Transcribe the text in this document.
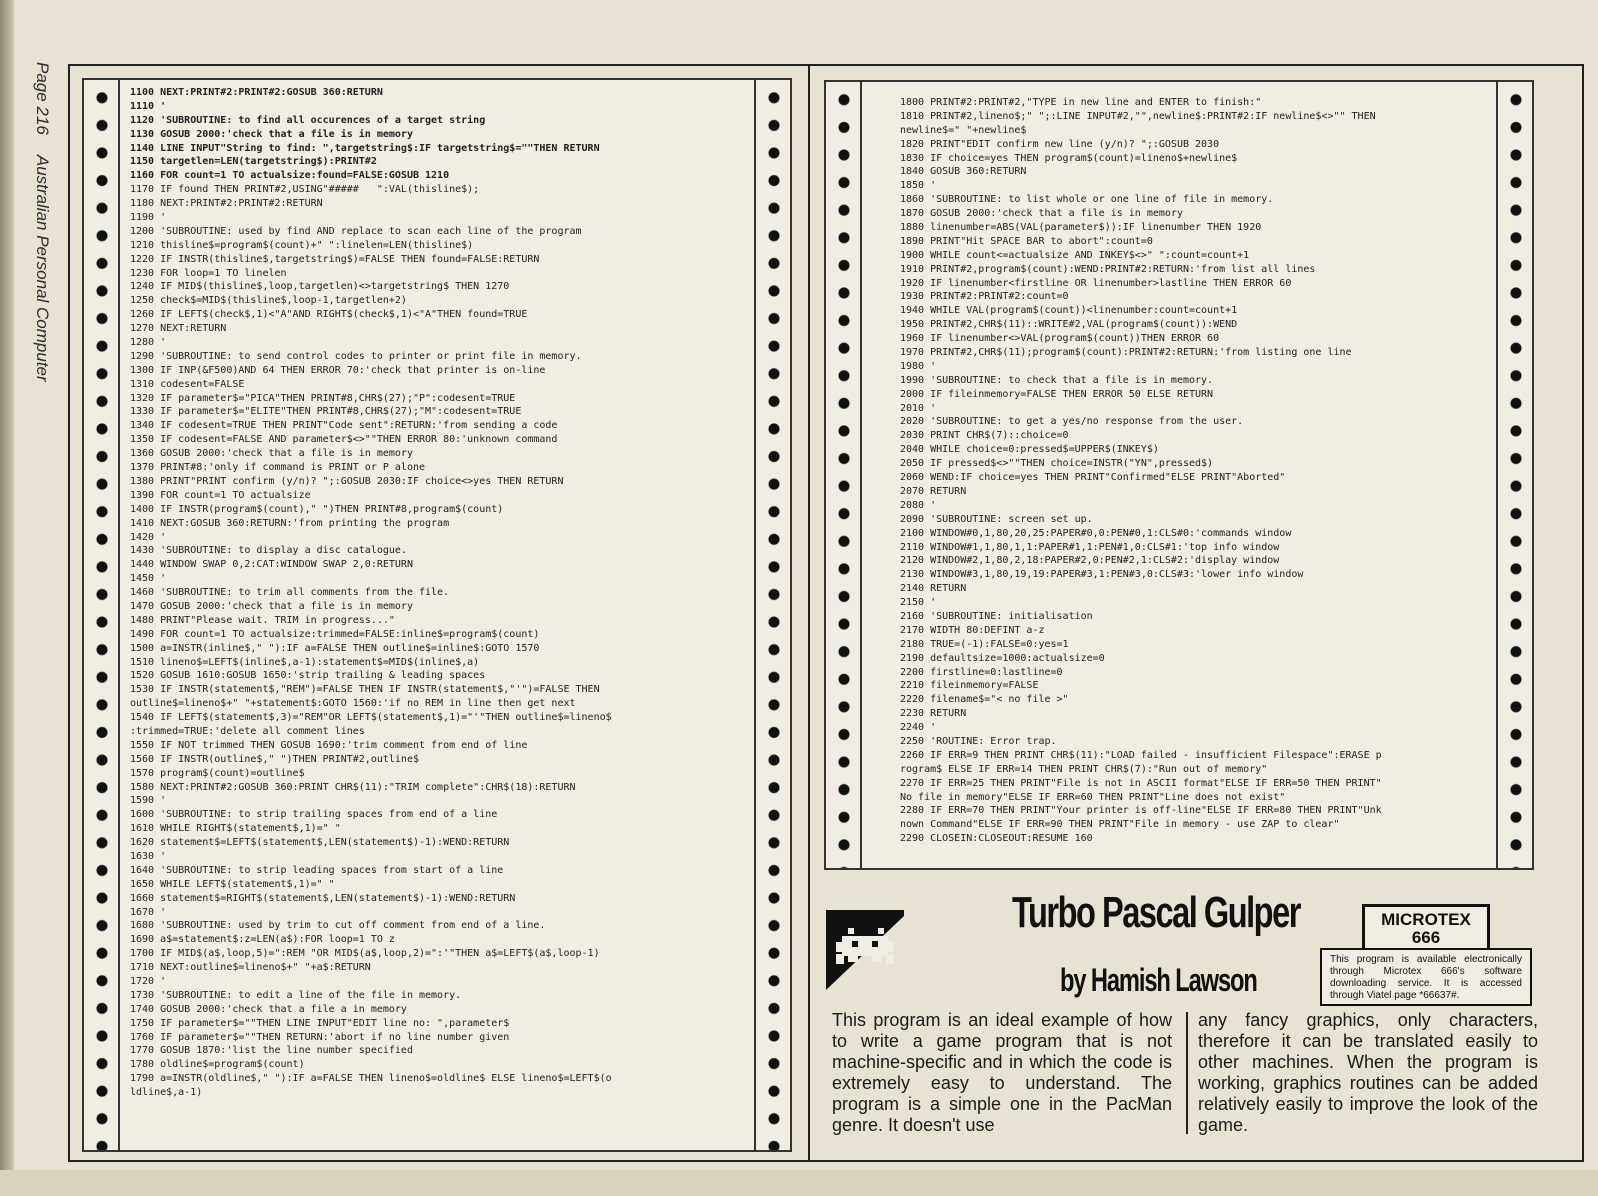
Page 216 Australian Personal Computer
1100 NEXT:PRINT#2:PRINT#2:GOSUB 360:RETURN
1110 '
1120 'SUBROUTINE: to find all occurences of a target string
1130 GOSUB 2000:'check that a file is in memory
1140 LINE INPUT"String to find: ",targetstring$:IF targetstring$=""THEN RETURN
1150 targetlen=LEN(targetstring$):PRINT#2
1160 FOR count=1 TO actualsize:found=FALSE:GOSUB 1210
1170 IF found THEN PRINT#2,USING"#####   ":VAL(thisline$);
1180 NEXT:PRINT#2:PRINT#2:RETURN
1190 '
1200 'SUBROUTINE: used by find AND replace to scan each line of the program
1210 thisline$=program$(count)+" ":linelen=LEN(thisline$)
1220 IF INSTR(thisline$,targetstring$)=FALSE THEN found=FALSE:RETURN
1230 FOR loop=1 TO linelen
1240 IF MID$(thisline$,loop,targetlen)<>targetstring$ THEN 1270
1250 check$=MID$(thisline$,loop-1,targetlen+2)
1260 IF LEFT$(check$,1)<"A"AND RIGHT$(check$,1)<"A"THEN found=TRUE
1270 NEXT:RETURN
1280 '
1290 'SUBROUTINE: to send control codes to printer or print file in memory.
1300 IF INP(&F500)AND 64 THEN ERROR 70:'check that printer is on-line
1310 codesent=FALSE
1320 IF parameter$="PICA"THEN PRINT#8,CHR$(27);"P":codesent=TRUE
1330 IF parameter$="ELITE"THEN PRINT#8,CHR$(27);"M":codesent=TRUE
1340 IF codesent=TRUE THEN PRINT"Code sent":RETURN:'from sending a code
1350 IF codesent=FALSE AND parameter$<>""THEN ERROR 80:'unknown command
1360 GOSUB 2000:'check that a file is in memory
1370 PRINT#8:'only if command is PRINT or P alone
1380 PRINT"PRINT confirm (y/n)? ";:GOSUB 2030:IF choice<>yes THEN RETURN
1390 FOR count=1 TO actualsize
1400 IF INSTR(program$(count)," ")THEN PRINT#8,program$(count)
1410 NEXT:GOSUB 360:RETURN:'from printing the program
1420 '
1430 'SUBROUTINE: to display a disc catalogue.
1440 WINDOW SWAP 0,2:CAT:WINDOW SWAP 2,0:RETURN
1450 '
1460 'SUBROUTINE: to trim all comments from the file.
1470 GOSUB 2000:'check that a file is in memory
1480 PRINT"Please wait. TRIM in progress..."
1490 FOR count=1 TO actualsize:trimmed=FALSE:inline$=program$(count)
1500 a=INSTR(inline$," "):IF a=FALSE THEN outline$=inline$:GOTO 1570
1510 lineno$=LEFT$(inline$,a-1):statement$=MID$(inline$,a)
1520 GOSUB 1610:GOSUB 1650:'strip trailing & leading spaces
1530 IF INSTR(statement$,"REM")=FALSE THEN IF INSTR(statement$,"'")=FALSE THEN
outline$=lineno$+" "+statement$:GOTO 1560:'if no REM in line then get next
1540 IF LEFT$(statement$,3)="REM"OR LEFT$(statement$,1)="'"THEN outline$=lineno$
:trimmed=TRUE:'delete all comment lines
1550 IF NOT trimmed THEN GOSUB 1690:'trim comment from end of line
1560 IF INSTR(outline$," ")THEN PRINT#2,outline$
1570 program$(count)=outline$
1580 NEXT:PRINT#2:GOSUB 360:PRINT CHR$(11):"TRIM complete":CHR$(18):RETURN
1590 '
1600 'SUBROUTINE: to strip trailing spaces from end of a line
1610 WHILE RIGHT$(statement$,1)=" "
1620 statement$=LEFT$(statement$,LEN(statement$)-1):WEND:RETURN
1630 '
1640 'SUBROUTINE: to strip leading spaces from start of a line
1650 WHILE LEFT$(statement$,1)=" "
1660 statement$=RIGHT$(statement$,LEN(statement$)-1):WEND:RETURN
1670 '
1680 'SUBROUTINE: used by trim to cut off comment from end of a line.
1690 a$=statement$:z=LEN(a$):FOR loop=1 TO z
1700 IF MID$(a$,loop,5)=":REM "OR MID$(a$,loop,2)=":'"THEN a$=LEFT$(a$,loop-1)
1710 NEXT:outline$=lineno$+" "+a$:RETURN
1720 '
1730 'SUBROUTINE: to edit a line of the file in memory.
1740 GOSUB 2000:'check that a file a in memory
1750 IF parameter$=""THEN LINE INPUT"EDIT line no: ",parameter$
1760 IF parameter$=""THEN RETURN:'abort if no line number given
1770 GOSUB 1870:'list the line number specified
1780 oldline$=program$(count)
1790 a=INSTR(oldline$," "):IF a=FALSE THEN lineno$=oldline$ ELSE lineno$=LEFT$(o
ldline$,a-1)
1800 PRINT#2:PRINT#2,"TYPE in new line and ENTER to finish:"
1810 PRINT#2,lineno$;" ";:LINE INPUT#2,"",newline$:PRINT#2:IF newline$<>"" THEN
newline$=" "+newline$
1820 PRINT"EDIT confirm new line (y/n)? ";:GOSUB 2030
1830 IF choice=yes THEN program$(count)=lineno$+newline$
1840 GOSUB 360:RETURN
1850 '
1860 'SUBROUTINE: to list whole or one line of file in memory.
1870 GOSUB 2000:'check that a file is in memory
1880 linenumber=ABS(VAL(parameter$)):IF linenumber THEN 1920
1890 PRINT"Hit SPACE BAR to abort":count=0
1900 WHILE count<=actualsize AND INKEY$<>" ":count=count+1
1910 PRINT#2,program$(count):WEND:PRINT#2:RETURN:'from list all lines
1920 IF linenumber<firstline OR linenumber>lastline THEN ERROR 60
1930 PRINT#2:PRINT#2:count=0
1940 WHILE VAL(program$(count))<linenumber:count=count+1
1950 PRINT#2,CHR$(11)::WRITE#2,VAL(program$(count)):WEND
1960 IF linenumber<>VAL(program$(count))THEN ERROR 60
1970 PRINT#2,CHR$(11);program$(count):PRINT#2:RETURN:'from listing one line
1980 '
1990 'SUBROUTINE: to check that a file is in memory.
2000 IF fileinmemory=FALSE THEN ERROR 50 ELSE RETURN
2010 '
2020 'SUBROUTINE: to get a yes/no response from the user.
2030 PRINT CHR$(7)::choice=0
2040 WHILE choice=0:pressed$=UPPER$(INKEY$)
2050 IF pressed$<>""THEN choice=INSTR("YN",pressed$)
2060 WEND:IF choice=yes THEN PRINT"Confirmed"ELSE PRINT"Aborted"
2070 RETURN
2080 '
2090 'SUBROUTINE: screen set up.
2100 WINDOW#0,1,80,20,25:PAPER#0,0:PEN#0,1:CLS#0:'commands window
2110 WINDOW#1,1,80,1,1:PAPER#1,1:PEN#1,0:CLS#1:'top info window
2120 WINDOW#2,1,80,2,18:PAPER#2,0:PEN#2,1:CLS#2:'display window
2130 WINDOW#3,1,80,19,19:PAPER#3,1:PEN#3,0:CLS#3:'lower info window
2140 RETURN
2150 '
2160 'SUBROUTINE: initialisation
2170 WIDTH 80:DEFINT a-z
2180 TRUE=(-1):FALSE=0:yes=1
2190 defaultsize=1000:actualsize=0
2200 firstline=0:lastline=0
2210 fileinmemory=FALSE
2220 filename$="< no file >"
2230 RETURN
2240 '
2250 'ROUTINE: Error trap.
2260 IF ERR=9 THEN PRINT CHR$(11):"LOAD failed - insufficient Filespace":ERASE p
rogram$ ELSE IF ERR=14 THEN PRINT CHR$(7):"Run out of memory"
2270 IF ERR=25 THEN PRINT"File is not in ASCII format"ELSE IF ERR=50 THEN PRINT"
No file in memory"ELSE IF ERR=60 THEN PRINT"Line does not exist"
2280 IF ERR=70 THEN PRINT"Your printer is off-line"ELSE IF ERR=80 THEN PRINT"Unk
nown Command"ELSE IF ERR=90 THEN PRINT"File in memory - use ZAP to clear"
2290 CLOSEIN:CLOSEOUT:RESUME 160
Turbo Pascal Gulper
by Hamish Lawson
MICROTEX
666
This program is available electronically through Microtex 666's software downloading service. It is accessed through Viatel page *66637#.

This program is an ideal example of how to write a game program that is not machine-specific and in which the code is extremely easy to understand. The program is a simple one in the PacMan genre. It doesn't use

any fancy graphics, only characters, therefore it can be translated easily to other machines. When the program is working, graphics routines can be added relatively easily to improve the look of the game.
